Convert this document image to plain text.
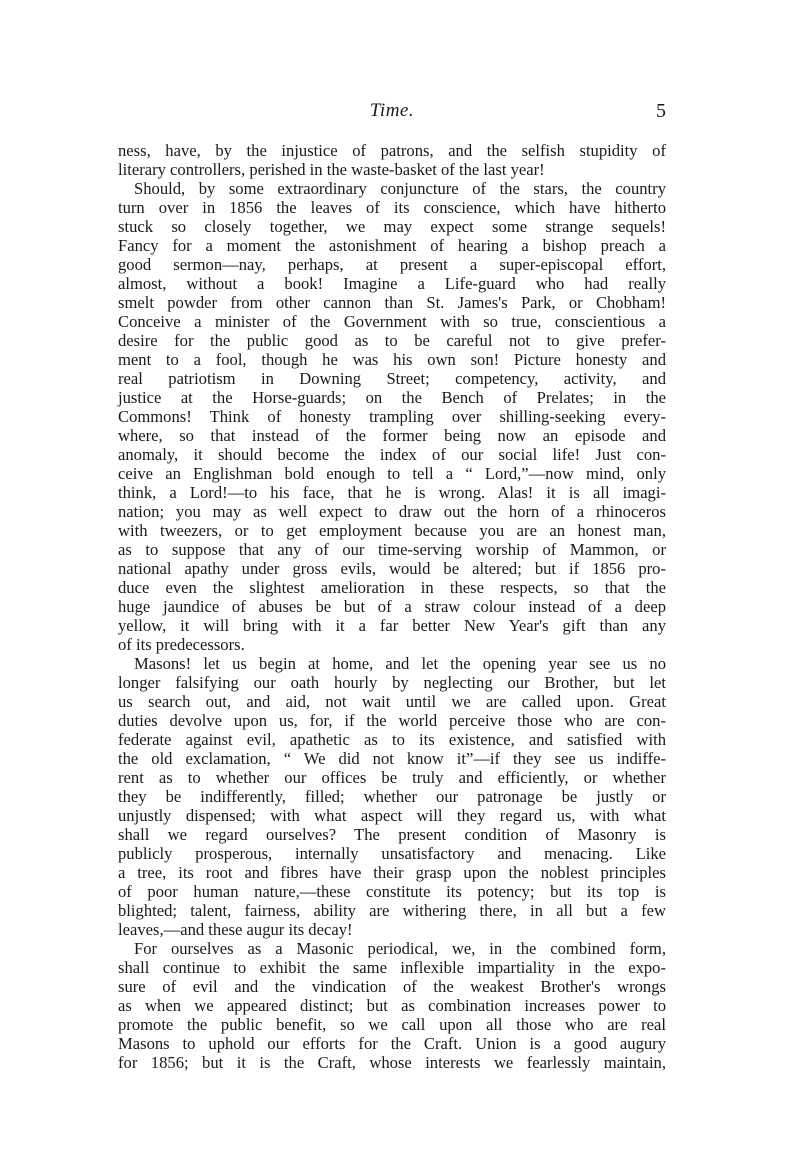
Time.	5
ness, have, by the injustice of patrons, and the selfish stupidity of
literary controllers, perished in the waste-basket of the last year!
Should, by some extraordinary conjuncture of the stars, the country
turn over in 1856 the leaves of its conscience, which have hitherto
stuck so closely together, we may expect some strange sequels!
Fancy for a moment the astonishment of hearing a bishop preach a
good sermon—nay, perhaps, at present a super-episcopal effort,
almost, without a book! Imagine a Life-guard who had really
smelt powder from other cannon than St. James's Park, or Chobham!
Conceive a minister of the Government with so true, conscientious a
desire for the public good as to be careful not to give prefer-
ment to a fool, though he was his own son! Picture honesty and
real patriotism in Downing Street; competency, activity, and
justice at the Horse-guards; on the Bench of Prelates; in the
Commons! Think of honesty trampling over shilling-seeking every-
where, so that instead of the former being now an episode and
anomaly, it should become the index of our social life! Just con-
ceive an Englishman bold enough to tell a “ Lord,”—now mind, only
think, a Lord!—to his face, that he is wrong. Alas! it is all imagi-
nation; you may as well expect to draw out the horn of a rhinoceros
with tweezers, or to get employment because you are an honest man,
as to suppose that any of our time-serving worship of Mammon, or
national apathy under gross evils, would be altered; but if 1856 pro-
duce even the slightest amelioration in these respects, so that the
huge jaundice of abuses be but of a straw colour instead of a deep
yellow, it will bring with it a far better New Year's gift than any
of its predecessors.
Masons! let us begin at home, and let the opening year see us no
longer falsifying our oath hourly by neglecting our Brother, but let
us search out, and aid, not wait until we are called upon. Great
duties devolve upon us, for, if the world perceive those who are con-
federate against evil, apathetic as to its existence, and satisfied with
the old exclamation, “ We did not know it”—if they see us indiffe-
rent as to whether our offices be truly and efficiently, or whether
they be indifferently, filled; whether our patronage be justly or
unjustly dispensed; with what aspect will they regard us, with what
shall we regard ourselves? The present condition of Masonry is
publicly prosperous, internally unsatisfactory and menacing. Like
a tree, its root and fibres have their grasp upon the noblest principles
of poor human nature,—these constitute its potency; but its top is
blighted; talent, fairness, ability are withering there, in all but a few
leaves,—and these augur its decay!
For ourselves as a Masonic periodical, we, in the combined form,
shall continue to exhibit the same inflexible impartiality in the expo-
sure of evil and the vindication of the weakest Brother's wrongs
as when we appeared distinct; but as combination increases power to
promote the public benefit, so we call upon all those who are real
Masons to uphold our efforts for the Craft. Union is a good augury
for 1856; but it is the Craft, whose interests we fearlessly maintain,
